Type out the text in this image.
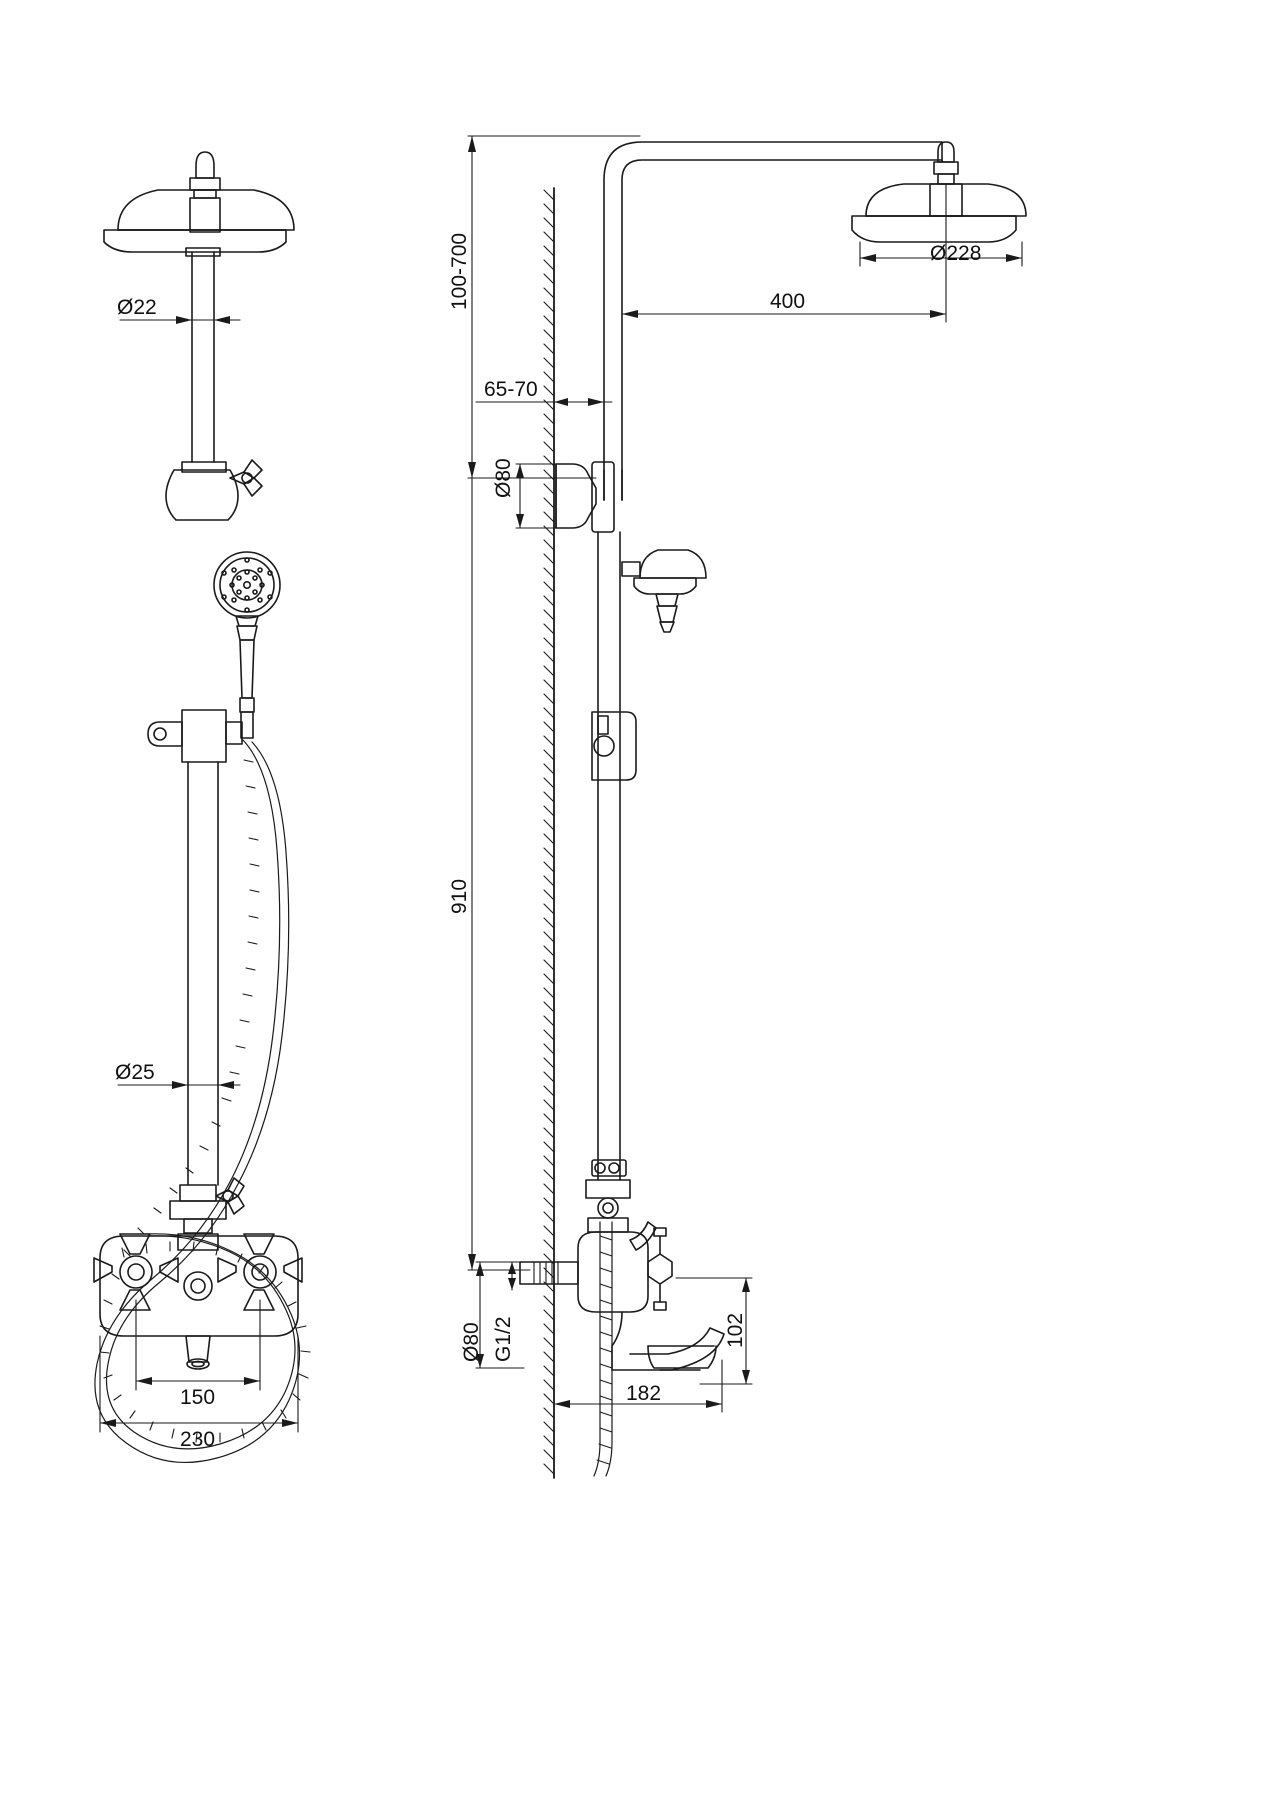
Ø22
Ø25
150
230
100-700	Ø228
400
65-70
Ø80
910
Ø80 G1/2	102
182
